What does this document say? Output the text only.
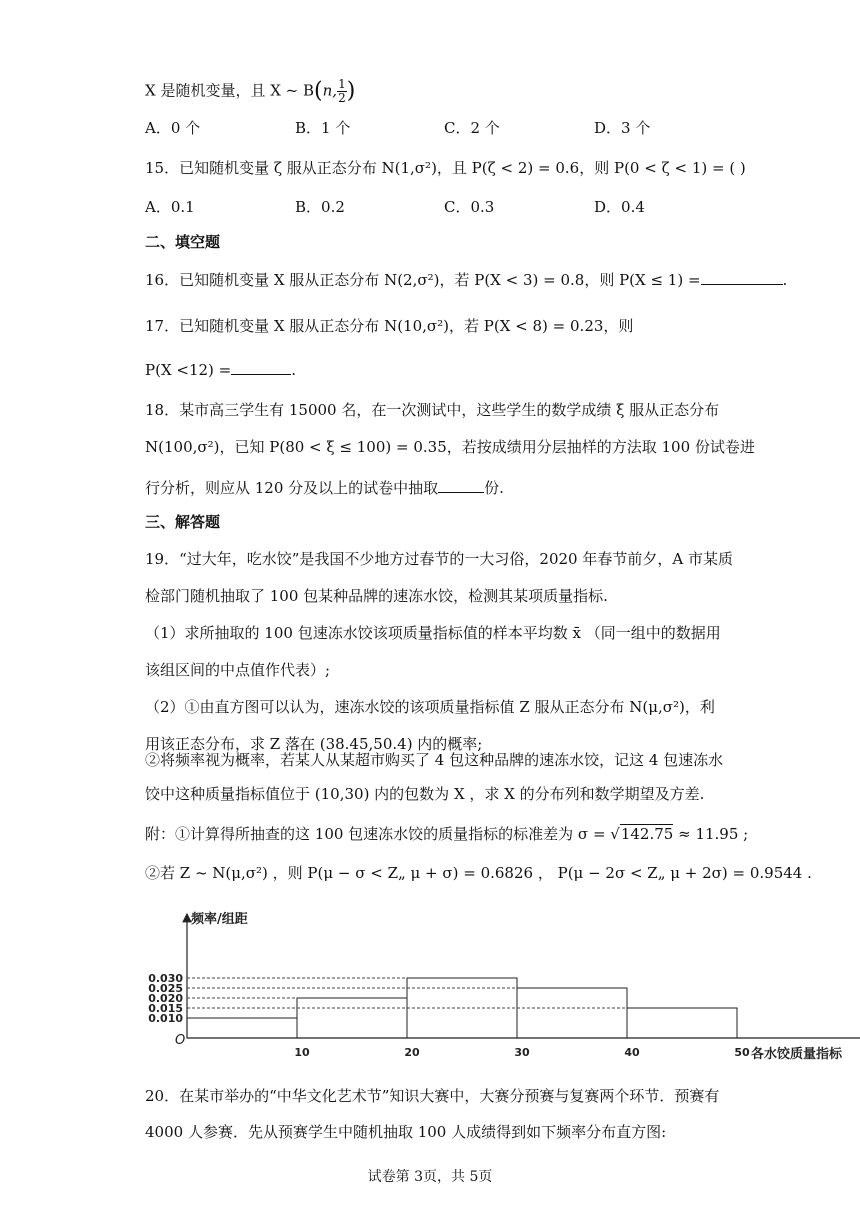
X 是随机变量，且 X ~ B(n, $\frac{1}{2}$ )
A．0 个	B．1 个	C．2 个	D．3 个
15．已知随机变量 ζ 服从正态分布 N(1,σ²)，且 P(ζ < 2) = 0.6，则 P(0 < ζ < 1) = ( )
A．0.1	B．0.2	C．0.3	D．0.4
二、填空题
16．已知随机变量 X 服从正态分布 N(2,σ²)，若 P(X < 3) = 0.8，则 P(X ≤ 1) =	.
17．已知随机变量 X 服从正态分布 N(10,σ²)，若 P(X < 8) = 0.23，则
P(X <12) =	.
18．某市高三学生有 15000 名，在一次测试中，这些学生的数学成绩 ξ 服从正态分布
N(100,σ²)，已知 P(80 < ξ ≤ 100) = 0.35，若按成绩用分层抽样的方法取 100 份试卷进
行分析，则应从 120 分及以上的试卷中抽取	份.
三、解答题
19．“过大年，吃水饺”是我国不少地方过春节的一大习俗，2020 年春节前夕，A 市某质
检部门随机抽取了 100 包某种品牌的速冻水饺，检测其某项质量指标.
（1）求所抽取的 100 包速冻水饺该项质量指标值的样本平均数 x̄ （同一组中的数据用
该组区间的中点值作代表）;
（2）①由直方图可以认为，速冻水饺的该项质量指标值 Z 服从正态分布 N(μ,σ²)，利
用该正态分布，求 Z 落在 (38.45,50.4) 内的概率;
②将频率视为概率，若某人从某超市购买了 4 包这种品牌的速冻水饺，记这 4 包速冻水
饺中这种质量指标值位于 (10,30) 内的包数为 X ，求 X 的分布列和数学期望及方差.
附：①计算得所抽查的这 100 包速冻水饺的质量指标的标准差为 σ = √142.75 ≈ 11.95 ;
②若 Z ~ N(μ,σ²) ，则 P(μ − σ < Z„ μ + σ) = 0.6826 ， P(μ − 2σ < Z„ μ + 2σ) = 0.9544 .
频率/组距
各水饺质量指标
O
0.010
0.015
0.020
0.025
0.030
10	20	30	40	50
20．在某市举办的“中华文化艺术节”知识大赛中，大赛分预赛与复赛两个环节．预赛有
4000 人参赛．先从预赛学生中随机抽取 100 人成绩得到如下频率分布直方图:
试卷第 3页，共 5页
